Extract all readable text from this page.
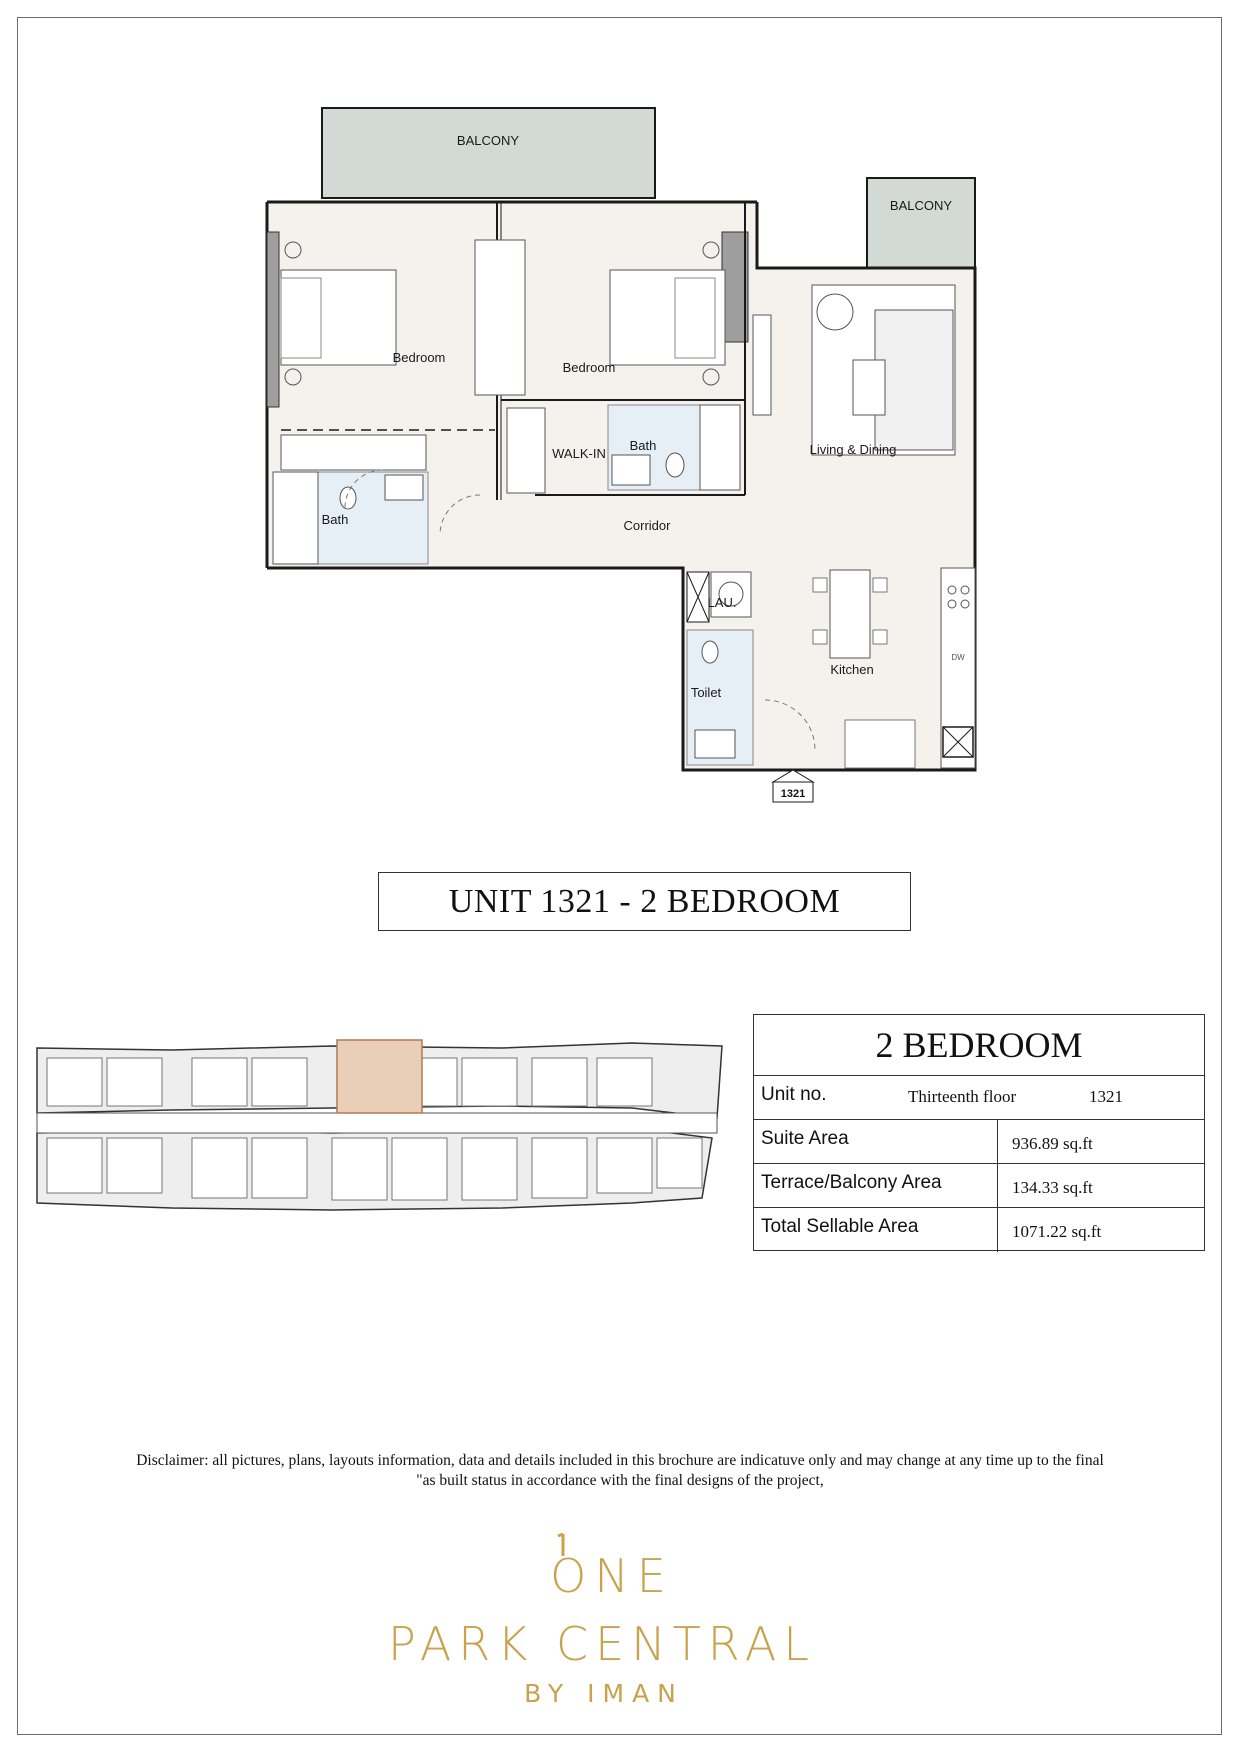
BALCONY
BALCONY
Bedroom
Bedroom
WALK-IN
Bath
Bath
Living & Dining
Corridor
LAU.
Toilet
Kitchen
DW
1321
UNIT 1321 - 2 BEDROOM
2 BEDROOM
Unit no.	Thirteenth floor	1321
Suite Area	936.89 sq.ft
Terrace/Balcony Area	134.33 sq.ft
Total Sellable Area	1071.22 sq.ft
Disclaimer: all pictures, plans, layouts information, data and details included in this brochure are indicatuve only and may change at any time up to the final
"as built status in accordance with the final designs of the project,
ONE
PARK CENTRAL
BY IMAN
